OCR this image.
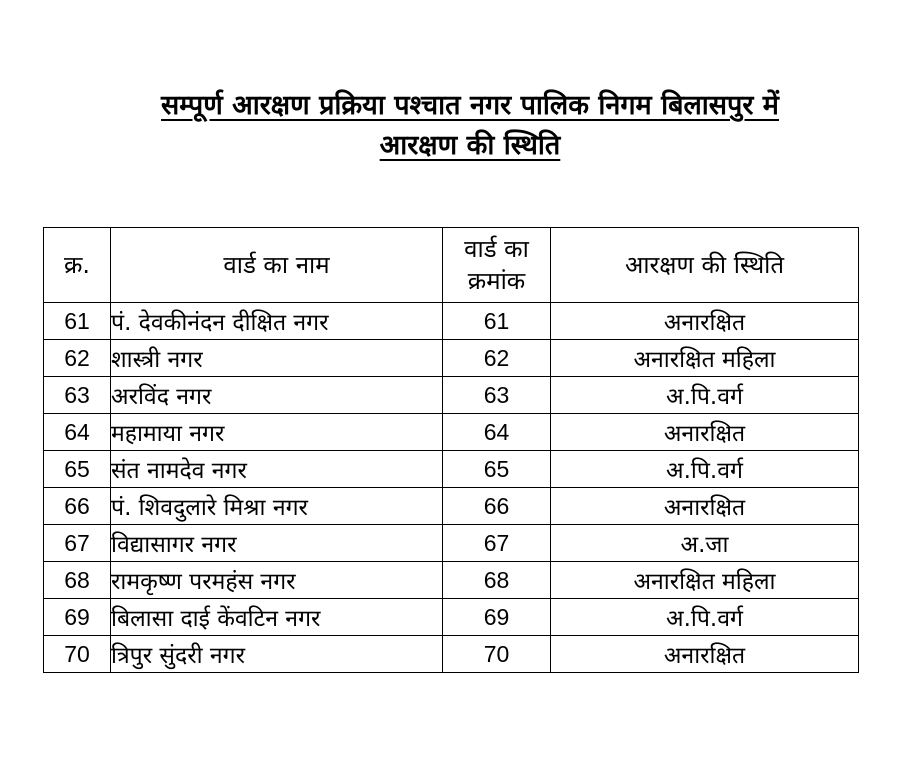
सम्पूर्ण आरक्षण प्रक्रिया पश्चात नगर पालिक निगम बिलासपुर में
आरक्षण की स्थिति
क्र.	वार्ड का नाम	वार्ड का क्रमांक	आरक्षण की स्थिति
61	पं. देवकीनंदन दीक्षित नगर	61	अनारक्षित
62	शास्त्री नगर	62	अनारक्षित महिला
63	अरविंद नगर	63	अ.पि.वर्ग
64	महामाया नगर	64	अनारक्षित
65	संत नामदेव नगर	65	अ.पि.वर्ग
66	पं. शिवदुलारे मिश्रा नगर	66	अनारक्षित
67	विद्यासागर नगर	67	अ.जा
68	रामकृष्ण परमहंस नगर	68	अनारक्षित महिला
69	बिलासा दाई केंवटिन नगर	69	अ.पि.वर्ग
70	त्रिपुर सुंदरी नगर	70	अनारक्षित
